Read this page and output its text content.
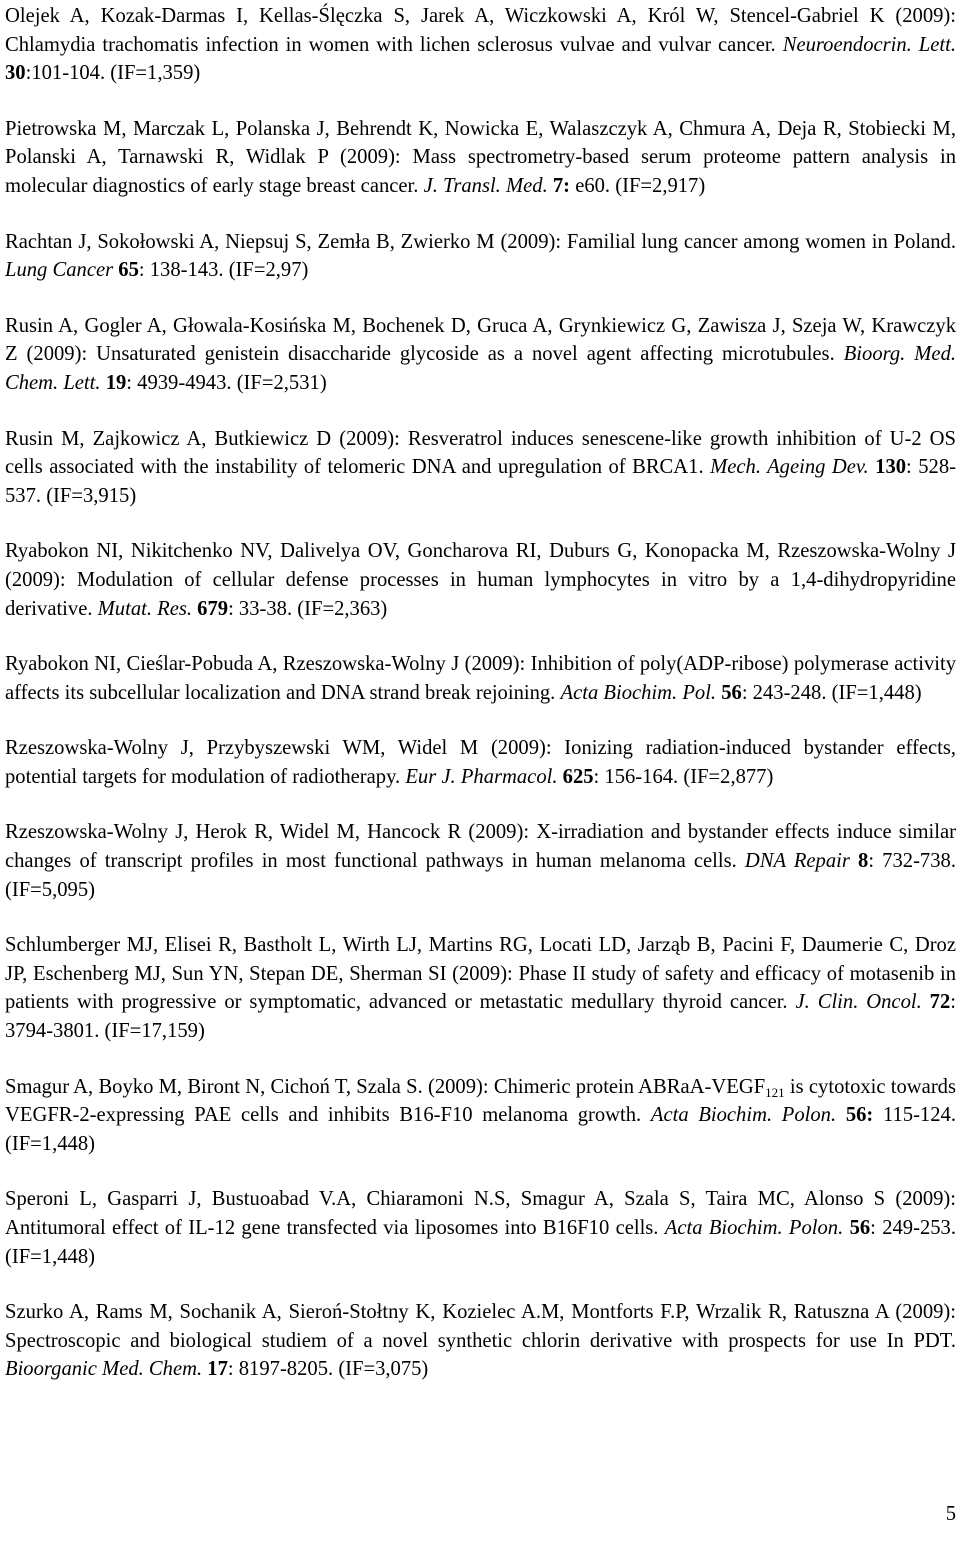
Olejek A, Kozak-Darmas I, Kellas-Ślęczka S, Jarek A, Wiczkowski A, Król W, Stencel-Gabriel K (2009): Chlamydia trachomatis infection in women with lichen sclerosus vulvae and vulvar cancer. Neuroendocrin. Lett. 30:101-104. (IF=1,359)

Pietrowska M, Marczak L, Polanska J, Behrendt K, Nowicka E, Walaszczyk A, Chmura A, Deja R, Stobiecki M, Polanski A, Tarnawski R, Widlak P (2009): Mass spectrometry-based serum proteome pattern analysis in molecular diagnostics of early stage breast cancer. J. Transl. Med. 7: e60. (IF=2,917)

Rachtan J, Sokołowski A, Niepsuj S, Zemła B, Zwierko M (2009): Familial lung cancer among women in Poland. Lung Cancer 65: 138-143. (IF=2,97)

Rusin A, Gogler A, Głowala-Kosińska M, Bochenek D, Gruca A, Grynkiewicz G, Zawisza J, Szeja W, Krawczyk Z (2009): Unsaturated genistein disaccharide glycoside as a novel agent affecting microtubules. Bioorg. Med. Chem. Lett. 19: 4939-4943. (IF=2,531)

Rusin M, Zajkowicz A, Butkiewicz D (2009): Resveratrol induces senescene-like growth inhibition of U-2 OS cells associated with the instability of telomeric DNA and upregulation of BRCA1. Mech. Ageing Dev. 130: 528-537. (IF=3,915)

Ryabokon NI, Nikitchenko NV, Dalivelya OV, Goncharova RI, Duburs G, Konopacka M, Rzeszowska-Wolny J (2009): Modulation of cellular defense processes in human lymphocytes in vitro by a 1,4-dihydropyridine derivative. Mutat. Res. 679: 33-38. (IF=2,363)

Ryabokon NI, Cieślar-Pobuda A, Rzeszowska-Wolny J (2009): Inhibition of poly(ADP-ribose) polymerase activity affects its subcellular localization and DNA strand break rejoining. Acta Biochim. Pol. 56: 243-248. (IF=1,448)

Rzeszowska-Wolny J, Przybyszewski WM, Widel M (2009): Ionizing radiation-induced bystander effects, potential targets for modulation of radiotherapy. Eur J. Pharmacol. 625: 156-164. (IF=2,877)

Rzeszowska-Wolny J, Herok R, Widel M, Hancock R (2009): X-irradiation and bystander effects induce similar changes of transcript profiles in most functional pathways in human melanoma cells. DNA Repair 8: 732-738. (IF=5,095)

Schlumberger MJ, Elisei R, Bastholt L, Wirth LJ, Martins RG, Locati LD, Jarząb B, Pacini F, Daumerie C, Droz JP, Eschenberg MJ, Sun YN, Stepan DE, Sherman SI (2009): Phase II study of safety and efficacy of motasenib in patients with progressive or symptomatic, advanced or metastatic medullary thyroid cancer. J. Clin. Oncol. 72: 3794-3801. (IF=17,159)

Smagur A, Boyko M, Biront N, Cichoń T, Szala S. (2009): Chimeric protein ABRaA-$VEGF_{121}$ is cytotoxic towards VEGFR-2-expressing PAE cells and inhibits B16-F10 melanoma growth. Acta Biochim. Polon. 56: 115-124. (IF=1,448)

Speroni L, Gasparri J, Bustuoabad V.A, Chiaramoni N.S, Smagur A, Szala S, Taira MC, Alonso S (2009): Antitumoral effect of IL-12 gene transfected via liposomes into B16F10 cells. Acta Biochim. Polon. 56: 249-253. (IF=1,448)

Szurko A, Rams M, Sochanik A, Sieroń-Stołtny K, Kozielec A.M, Montforts F.P, Wrzalik R, Ratuszna A (2009): Spectroscopic and biological studiem of a novel synthetic chlorin derivative with prospects for use In PDT. Bioorganic Med. Chem. 17: 8197-8205. (IF=3,075)

5
